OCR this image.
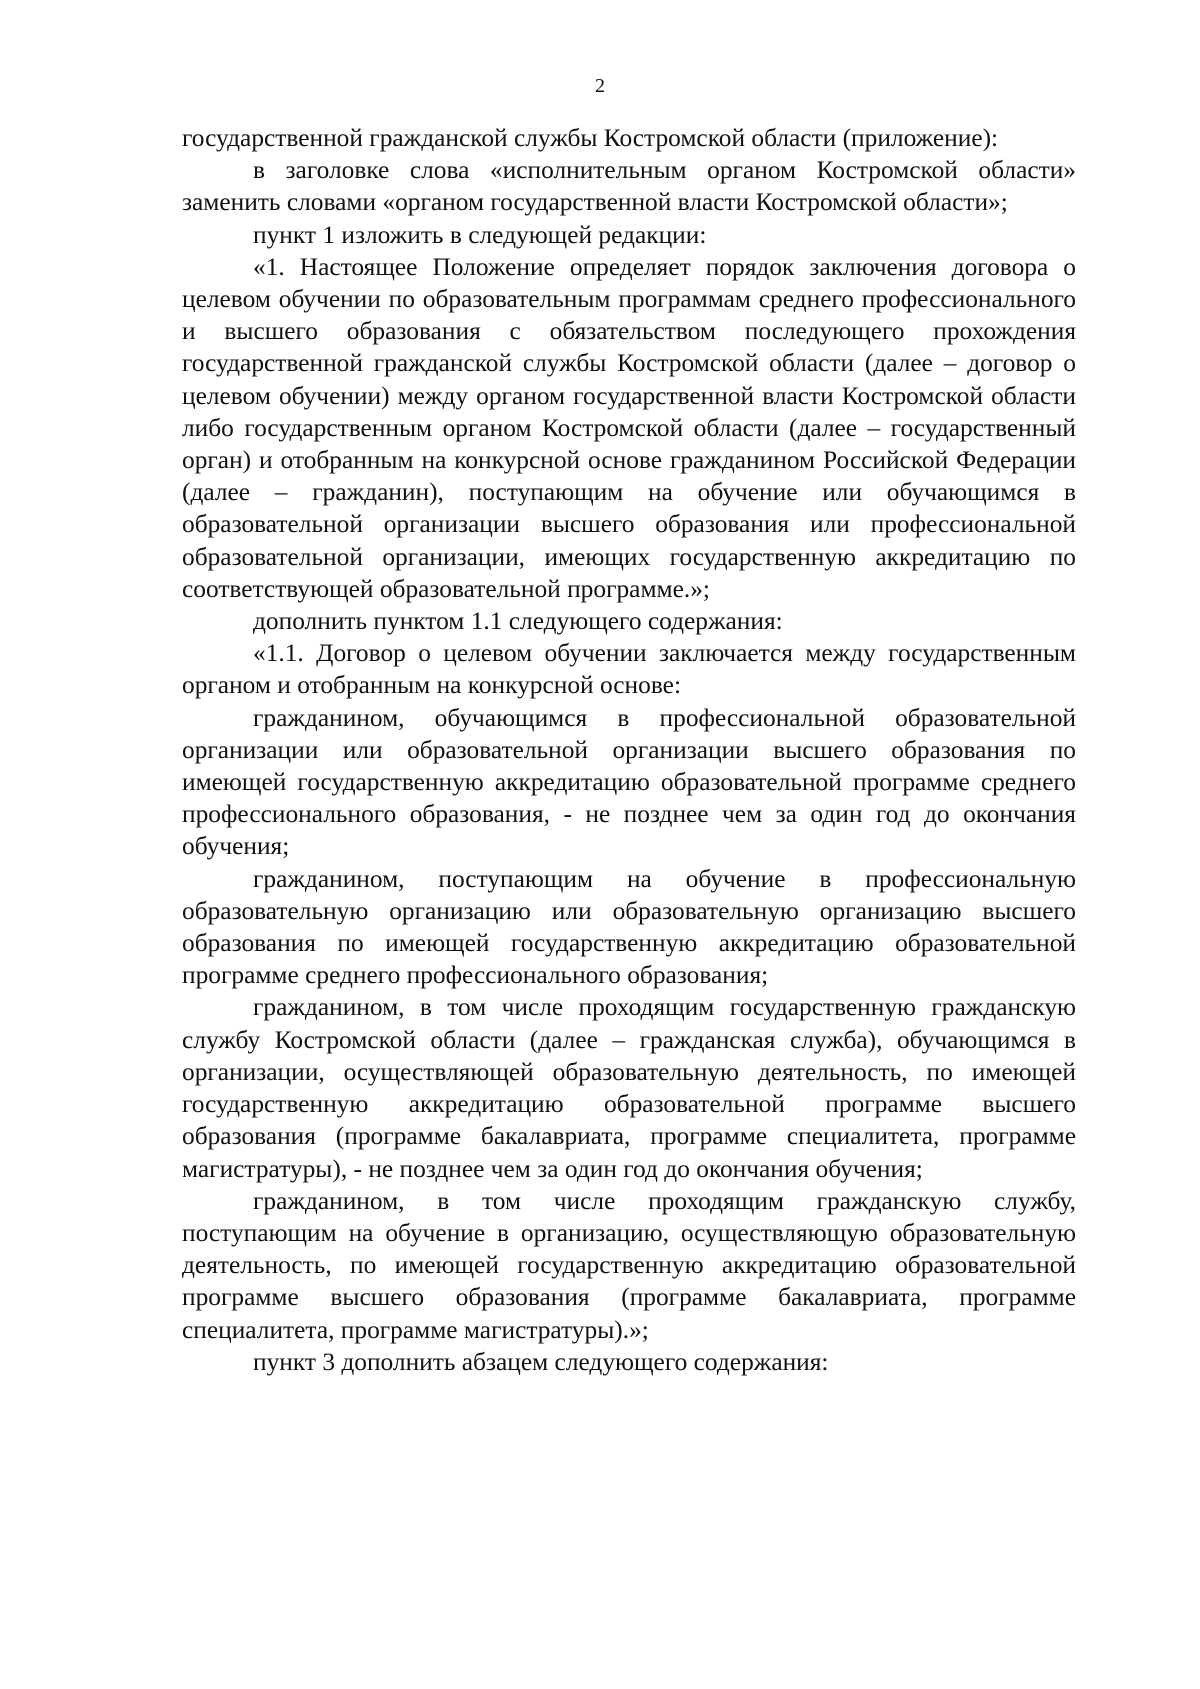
2

государственной гражданской службы Костромской области (приложение):

в заголовке слова «исполнительным органом Костромской области» заменить словами «органом государственной власти Костромской области»;

пункт 1 изложить в следующей редакции:

«1. Настоящее Положение определяет порядок заключения договора о целевом обучении по образовательным программам среднего профессионального и высшего образования с обязательством последующего прохождения государственной гражданской службы Костромской области (далее – договор о целевом обучении) между органом государственной власти Костромской области либо государственным органом Костромской области (далее – государственный орган) и отобранным на конкурсной основе гражданином Российской Федерации (далее – гражданин), поступающим на обучение или обучающимся в образовательной организации высшего образования или профессиональной образовательной организации, имеющих государственную аккредитацию по соответствующей образовательной программе.»;

дополнить пунктом 1.1 следующего содержания:

«1.1. Договор о целевом обучении заключается между государственным органом и отобранным на конкурсной основе:

гражданином, обучающимся в профессиональной образовательной организации или образовательной организации высшего образования по имеющей государственную аккредитацию образовательной программе среднего профессионального образования, - не позднее чем за один год до окончания обучения;

гражданином, поступающим на обучение в профессиональную образовательную организацию или образовательную организацию высшего образования по имеющей государственную аккредитацию образовательной программе среднего профессионального образования;

гражданином, в том числе проходящим государственную гражданскую службу Костромской области (далее – гражданская служба), обучающимся в организации, осуществляющей образовательную деятельность, по имеющей государственную аккредитацию образовательной программе высшего образования (программе бакалавриата, программе специалитета, программе магистратуры), - не позднее чем за один год до окончания обучения;

гражданином, в том числе проходящим гражданскую службу, поступающим на обучение в организацию, осуществляющую образовательную деятельность, по имеющей государственную аккредитацию образовательной программе высшего образования (программе бакалавриата, программе специалитета, программе магистратуры).»;

пункт 3 дополнить абзацем следующего содержания:
